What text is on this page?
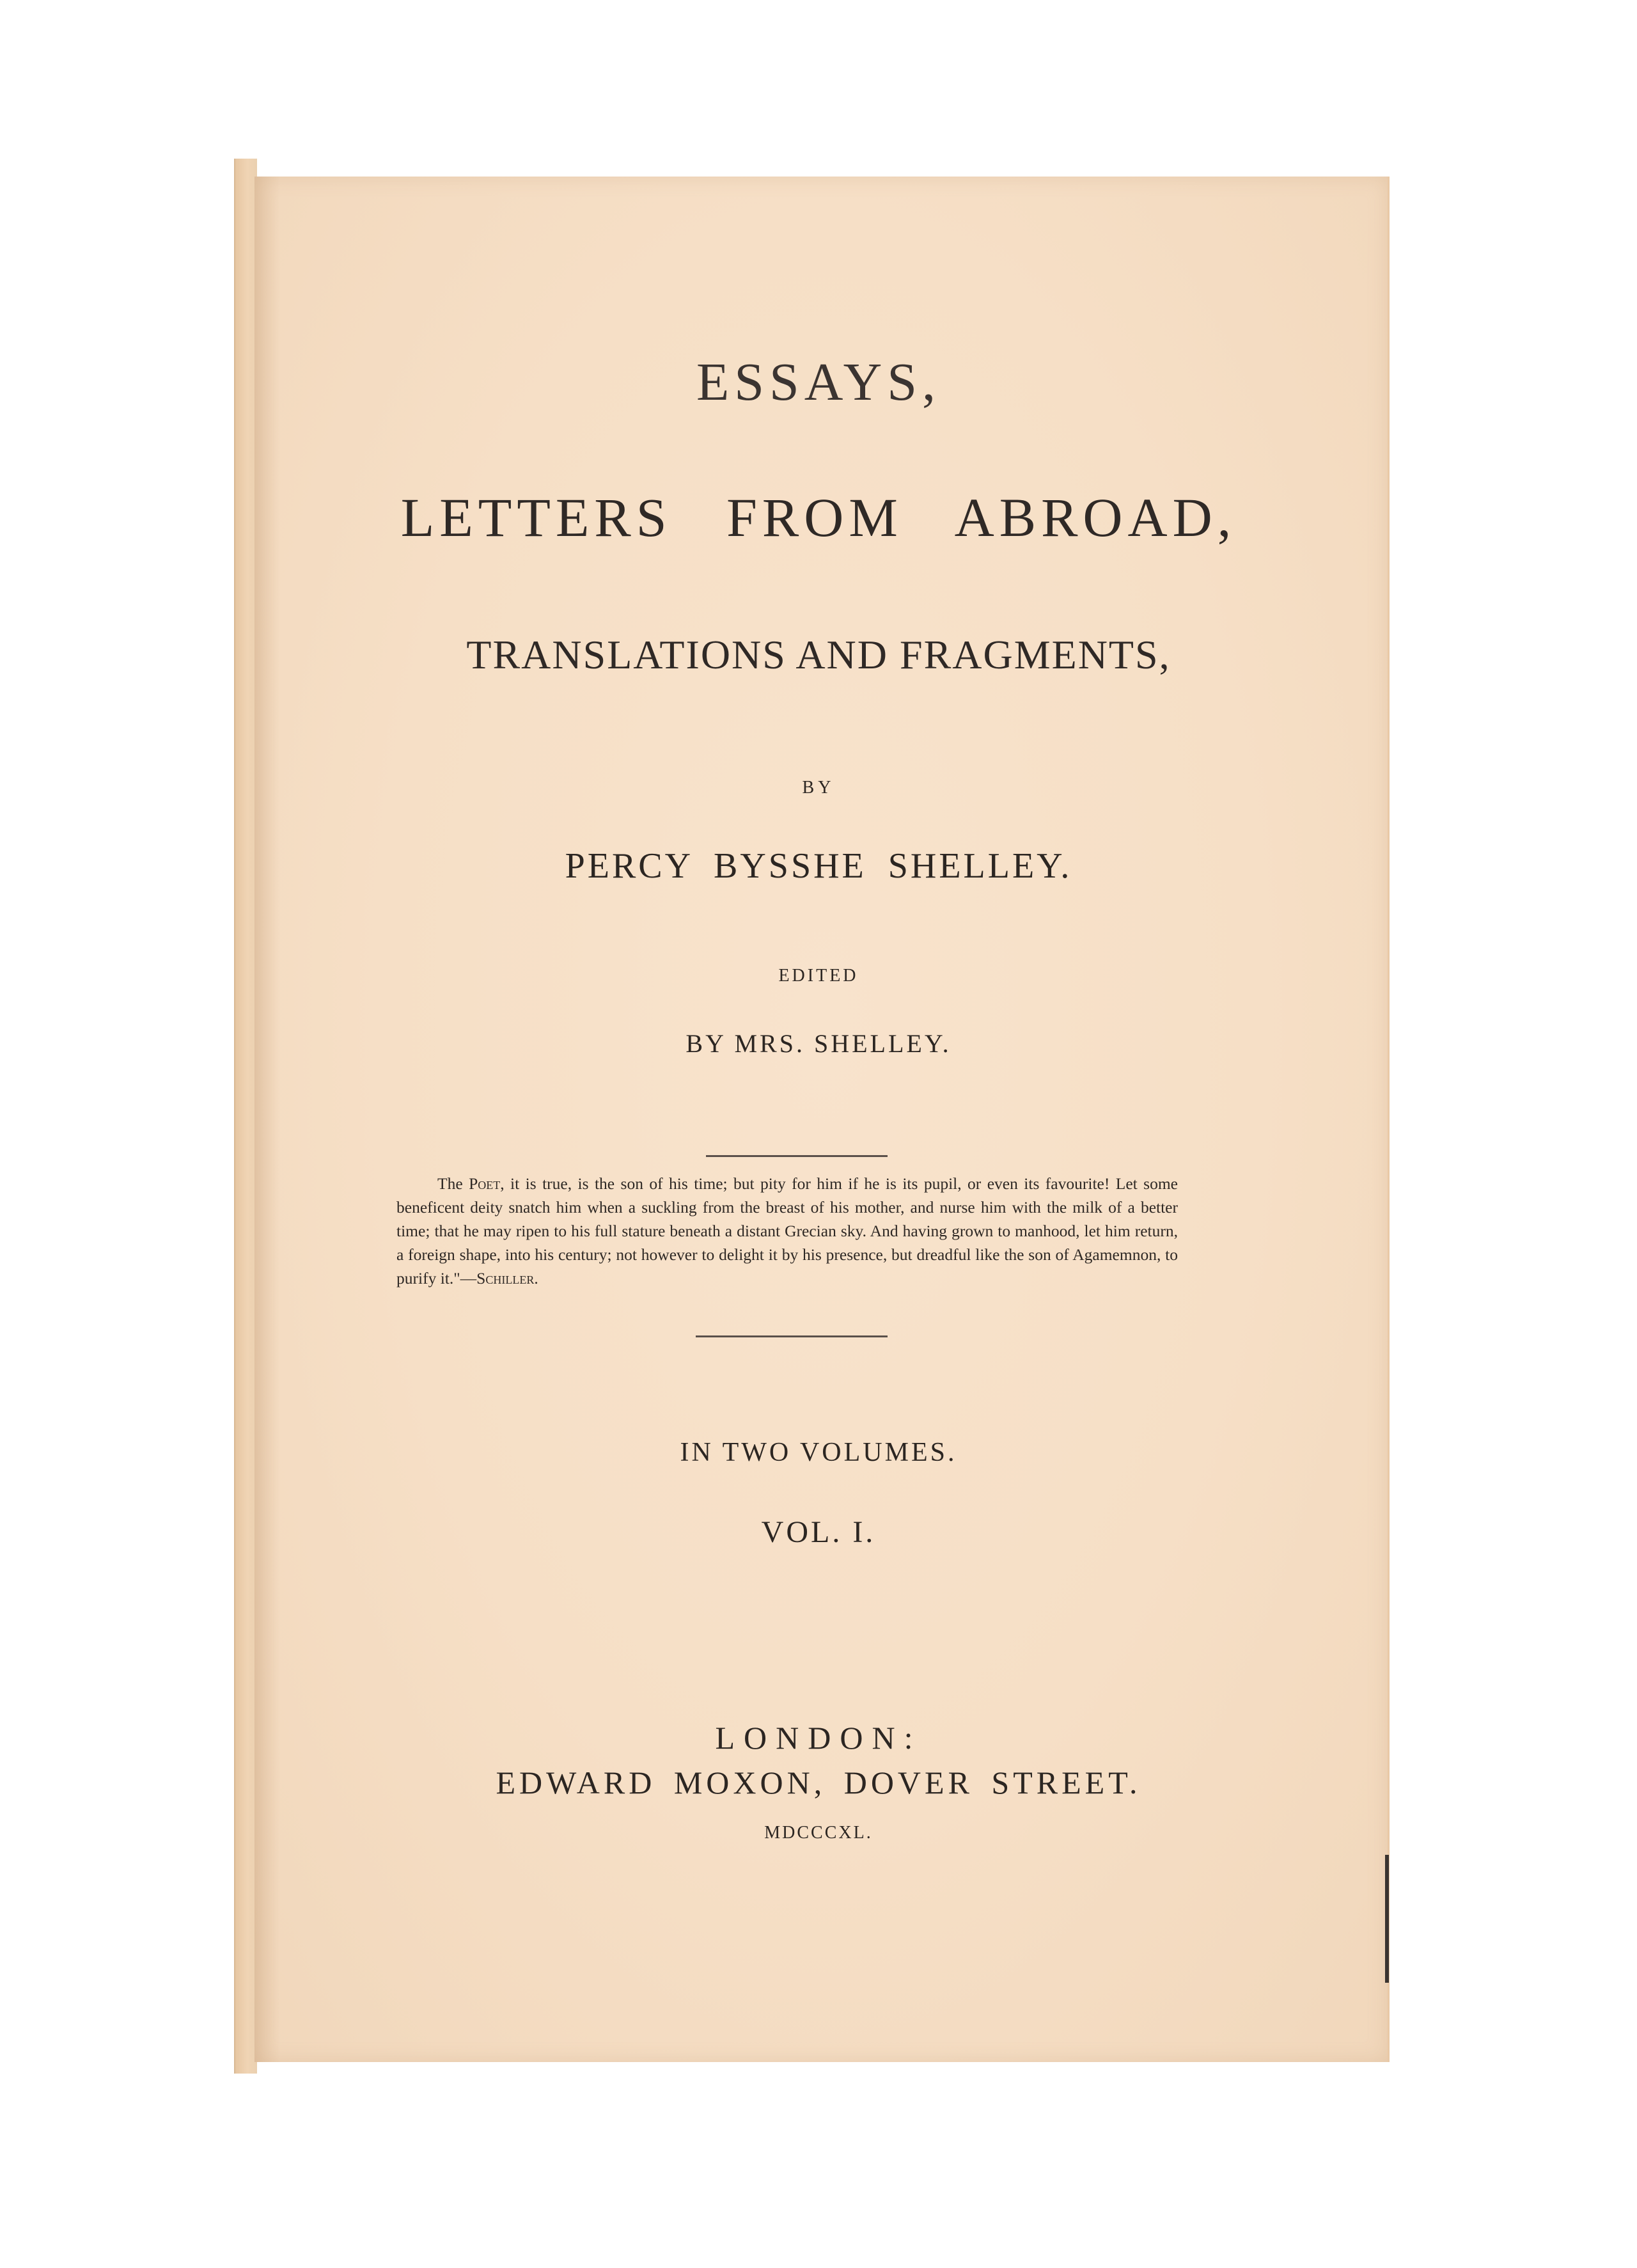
ESSAYS,
LETTERS FROM ABROAD,
TRANSLATIONS AND FRAGMENTS,
BY
PERCY BYSSHE SHELLEY.
EDITED
BY MRS. SHELLEY.

The Poet, it is true, is the son of his time; but pity for him if he is its pupil, or even its favourite! Let some beneficent deity snatch him when a suckling from the breast of his mother, and nurse him with the milk of a better time; that he may ripen to his full stature beneath a distant Grecian sky. And having grown to manhood, let him return, a foreign shape, into his century; not however to delight it by his presence, but dreadful like the son of Agamemnon, to purify it."—Schiller.

IN TWO VOLUMES.
VOL. I.
LONDON:
EDWARD MOXON, DOVER STREET.
MDCCCXL.
